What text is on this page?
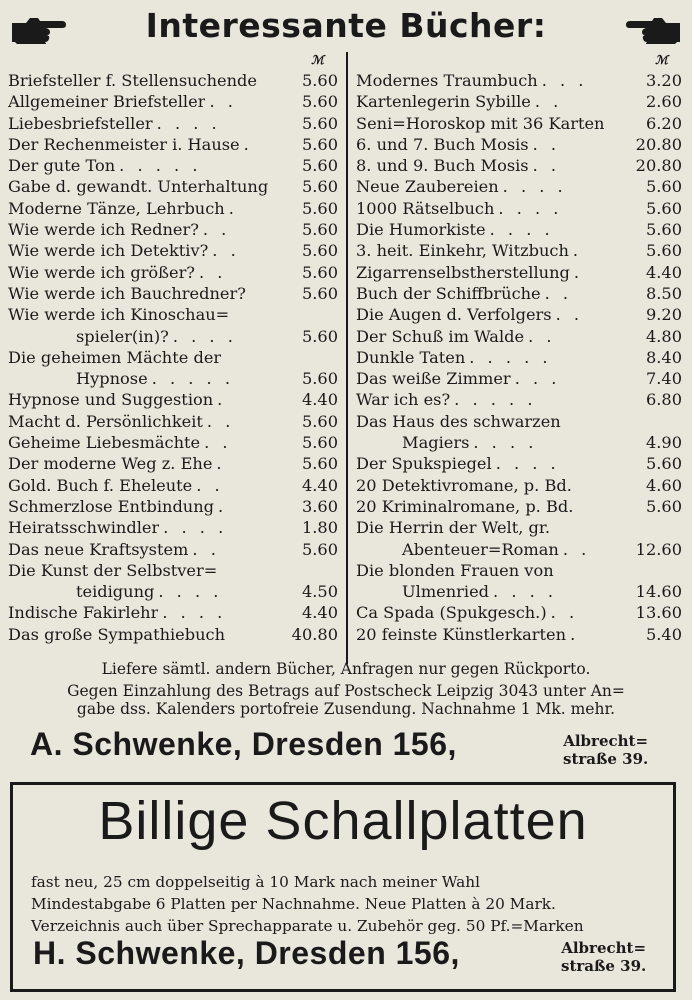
Interessante Bücher:
ℳ
Briefsteller f. Stellensuchende	5.60
Allgemeiner Briefsteller . .	5.60
Liebesbriefsteller . . . .	5.60
Der Rechenmeister i. Hause .	5.60
Der gute Ton . . . . .	5.60
Gabe d. gewandt. Unterhaltung	5.60
Moderne Tänze, Lehrbuch .	5.60
Wie werde ich Redner? . .	5.60
Wie werde ich Detektiv? . .	5.60
Wie werde ich größer? . .	5.60
Wie werde ich Bauchredner?	5.60
Wie werde ich Kinoschau=
spieler(in)? . . . .	5.60
Die geheimen Mächte der
Hypnose . . . . .	5.60
Hypnose und Suggestion .	4.40
Macht d. Persönlichkeit . .	5.60
Geheime Liebesmächte . .	5.60
Der moderne Weg z. Ehe .	5.60
Gold. Buch f. Eheleute . .	4.40
Schmerzlose Entbindung .	3.60
Heiratsschwindler . . . .	1.80
Das neue Kraftsystem . .	5.60
Die Kunst der Selbstver=
teidigung . . . .	4.50
Indische Fakirlehr . . . .	4.40
Das große Sympathiebuch	40.80
ℳ
Modernes Traumbuch . . .	3.20
Kartenlegerin Sybille . .	2.60
Seni=Horoskop mit 36 Karten	6.20
6. und 7. Buch Mosis . .	20.80
8. und 9. Buch Mosis . .	20.80
Neue Zaubereien . . . .	5.60
1000 Rätselbuch . . . .	5.60
Die Humorkiste . . . .	5.60
3. heit. Einkehr, Witzbuch .	5.60
Zigarrenselbstherstellung .	4.40
Buch der Schiffbrüche . .	8.50
Die Augen d. Verfolgers . .	9.20
Der Schuß im Walde . .	4.80
Dunkle Taten . . . . .	8.40
Das weiße Zimmer . . .	7.40
War ich es? . . . . .	6.80
Das Haus des schwarzen
Magiers . . . .	4.90
Der Spukspiegel . . . .	5.60
20 Detektivromane, p. Bd.	4.60
20 Kriminalromane, p. Bd.	5.60
Die Herrin der Welt, gr.
Abenteuer=Roman . .	12.60
Die blonden Frauen von
Ulmenried . . . .	14.60
Ca Spada (Spukgesch.) . .	13.60
20 feinste Künstlerkarten .	5.40
Liefere sämtl. andern Bücher, Anfragen nur gegen Rückporto.
Gegen Einzahlung des Betrags auf Postscheck Leipzig 3043 unter An=
gabe dss. Kalenders portofreie Zusendung. Nachnahme 1 Mk. mehr.
A. Schwenke, Dresden 156,	Albrecht=
straße 39.
Billige Schallplatten
fast neu, 25 cm doppelseitig à 10 Mark nach meiner Wahl
Mindestabgabe 6 Platten per Nachnahme. Neue Platten à 20 Mark.
Verzeichnis auch über Sprechapparate u. Zubehör geg. 50 Pf.=Marken
H. Schwenke, Dresden 156,	Albrecht=
straße 39.
